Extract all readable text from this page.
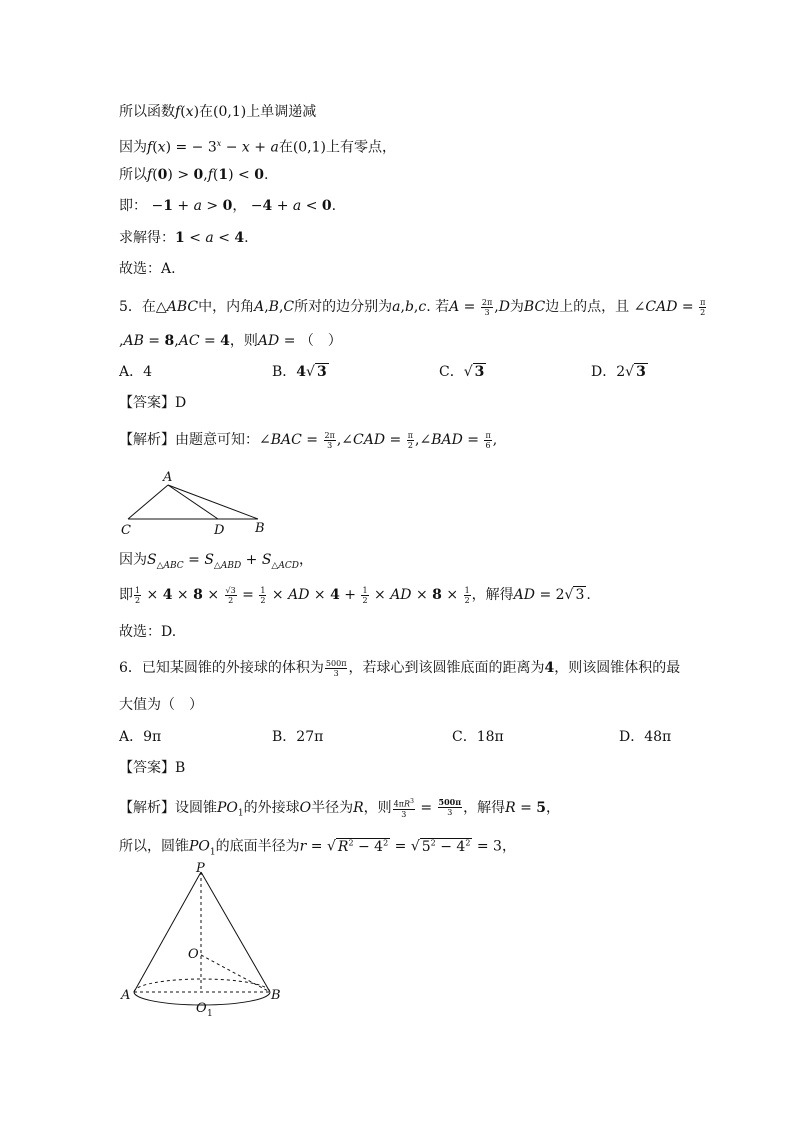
所以函数f(x)在(0,1)上单调递减
因为f(x) = − $3^x - x + a$在(0,1)上有零点，
所以f(0) > 0,f(1) < 0.
即： −1 + a > 0， −4 + a < 0.
求解得：1 < a < 4.
故选：A.
5．在△ABC中，内角A,B,C所对的边分别为a,b,c. 若$A = \frac{2\pi}{3} ,D$为BC边上的点，且 ∠CAD = $\frac{\pi}{2}$
,AB = 8,AC = 4，则AD = （　）
A．4	B．4√ 3	C．√ 3	D．2√ 3
【答案】D
【解析】由题意可知：∠BAC = $\frac{2\pi}{3}$ ,∠CAD = $\frac{\pi}{2}$ ,∠BAD = $\frac{\pi}{6}$ ,
A
C	D B
因为$S_{\triangle ABC} = S_{\triangle ABD} + S_{\triangle ACD}$，
即 $\frac{1}{2} \times 4 \times 8 \times \frac{√3}{2} = \frac{1}{2}$ × AD × $4 + \frac{1}{2}$ × AD × $8 \times \frac{1}{2}$ ，解得AD = 2√ 3 .
故选：D.
6．已知某圆锥的外接球的体积为 $\frac{500\pi}{3}$ ，若球心到该圆锥底面的距离为4，则该圆锥体积的最
大值为（　）
A．9π	B．27π	C．18π	D．48π
【答案】B
【解析】设圆锥$PO_1$的外接球O半径为R，则 $\frac{4\pi R^3}{3} = \frac{500\pi}{3}$ ，解得R = 5，
所以，圆锥$PO_1$的底面半径为r = √ $R^2 - 4^2$ = √ $5^2 - 4^2 = 3$，
P
O
A	B
O 1
